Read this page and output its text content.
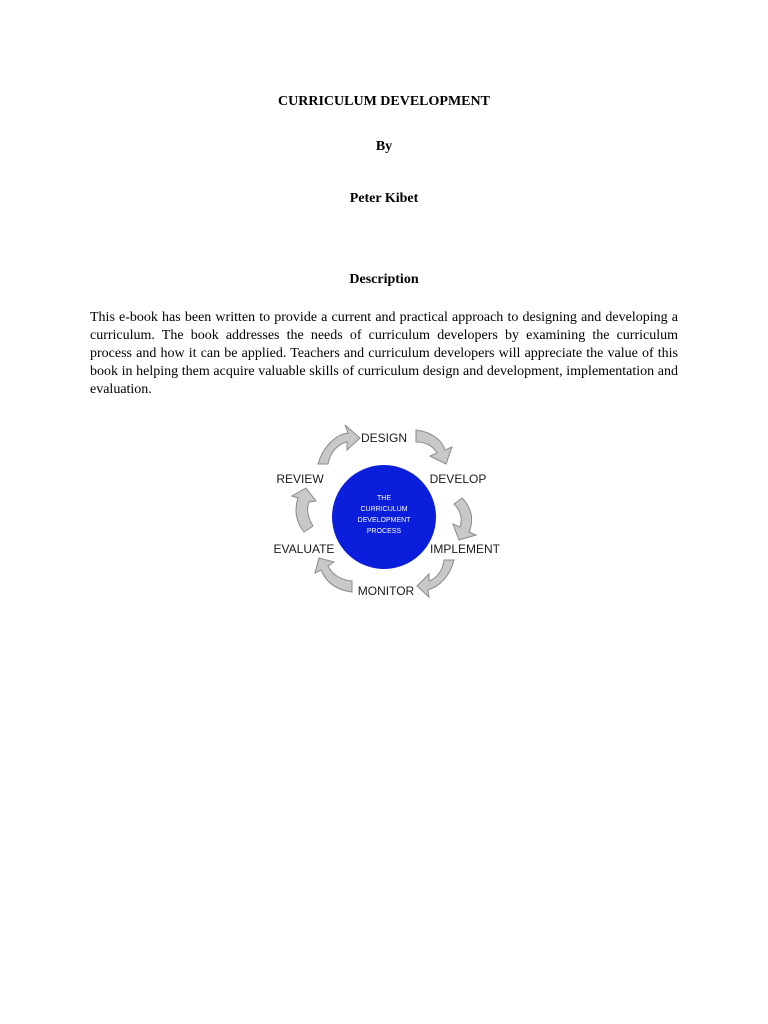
CURRICULUM DEVELOPMENT

By

Peter Kibet

Description

This e-book has been written to provide a current and practical approach to designing and developing a curriculum. The book addresses the needs of curriculum developers by examining the curriculum process and how it can be applied. Teachers and curriculum developers will appreciate the value of this book in helping them acquire valuable skills of curriculum design and development, implementation and evaluation.

THE
CURRICULUM
DEVELOPMENT
PROCESS
DESIGN
DEVELOP
IMPLEMENT
MONITOR
EVALUATE
REVIEW
